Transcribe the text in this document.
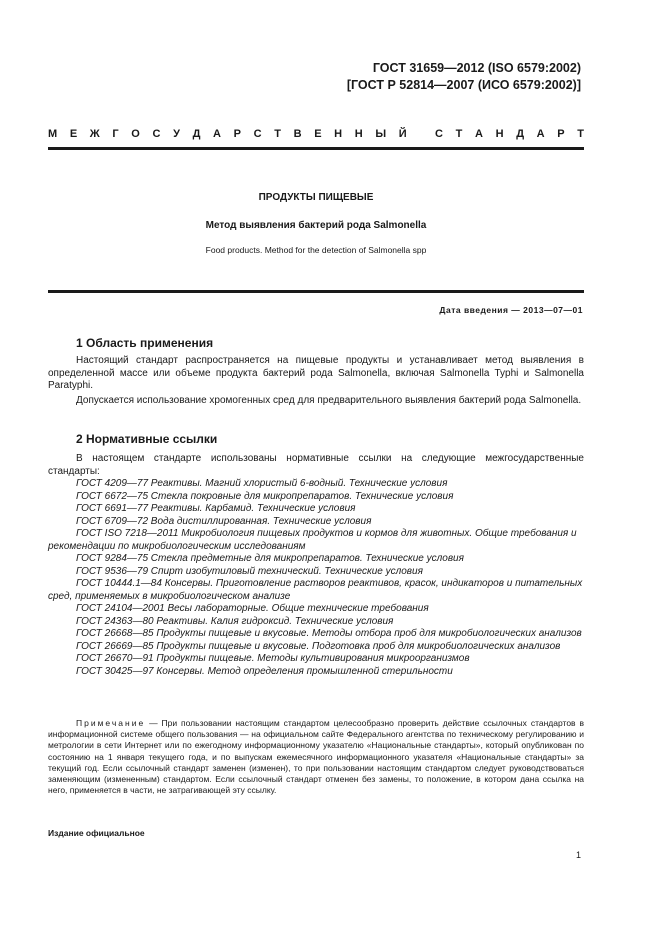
ГОСТ 31659—2012 (ISO 6579:2002)
[ГОСТ Р 52814—2007 (ИСО 6579:2002)]
М Е Ж Г О С У Д А Р С Т В Е Н Н Ы Й
	С Т А Н Д А Р Т
ПРОДУКТЫ ПИЩЕВЫЕ
Метод выявления бактерий рода Salmonella
Food products. Method for the detection of Salmonella spp
Дата введения — 2013—07—01
1 Область применения
Настоящий стандарт распространяется на пищевые продукты и устанавливает метод выявления в определенной массе или объеме продукта бактерий рода Salmonella, включая Salmonella Typhi и Salmonella Paratyphi.
Допускается использование хромогенных сред для предварительного выявления бактерий рода Salmonella.
2 Нормативные ссылки
В настоящем стандарте использованы нормативные ссылки на следующие межгосударственные стандарты:
ГОСТ 4209—77 Реактивы. Магний хлористый 6-водный. Технические условия
ГОСТ 6672—75 Стекла покровные для микропрепаратов. Технические условия
ГОСТ 6691—77 Реактивы. Карбамид. Технические условия
ГОСТ 6709—72 Вода дистиллированная. Технические условия
ГОСТ ISO 7218—2011 Микробиология пищевых продуктов и кормов для животных. Общие требования и рекомендации по микробиологическим исследованиям
ГОСТ 9284—75 Стекла предметные для микропрепаратов. Технические условия
ГОСТ 9536—79 Спирт изобутиловый технический. Технические условия
ГОСТ 10444.1—84 Консервы. Приготовление растворов реактивов, красок, индикаторов и питательных сред, применяемых в микробиологическом анализе
ГОСТ 24104—2001 Весы лабораторные. Общие технические требования
ГОСТ 24363—80 Реактивы. Калия гидроксид. Технические условия
ГОСТ 26668—85 Продукты пищевые и вкусовые. Методы отбора проб для микробиологических анализов
ГОСТ 26669—85 Продукты пищевые и вкусовые. Подготовка проб для микробиологических анализов
ГОСТ 26670—91 Продукты пищевые. Методы культивирования микроорганизмов
ГОСТ 30425—97 Консервы. Метод определения промышленной стерильности
Примечание — При пользовании настоящим стандартом целесообразно проверить действие ссылочных стандартов в информационной системе общего пользования — на официальном сайте Федерального агентства по техническому регулированию и метрологии в сети Интернет или по ежегодному информационному указателю «Национальные стандарты», который опубликован по состоянию на 1 января текущего года, и по выпускам ежемесячного информационного указателя «Национальные стандарты» за текущий год. Если ссылочный стандарт заменен (изменен), то при пользовании настоящим стандартом следует руководствоваться заменяющим (измененным) стандартом. Если ссылочный стандарт отменен без замены, то положение, в котором дана ссылка на него, применяется в части, не затрагивающей эту ссылку.
Издание официальное
1
